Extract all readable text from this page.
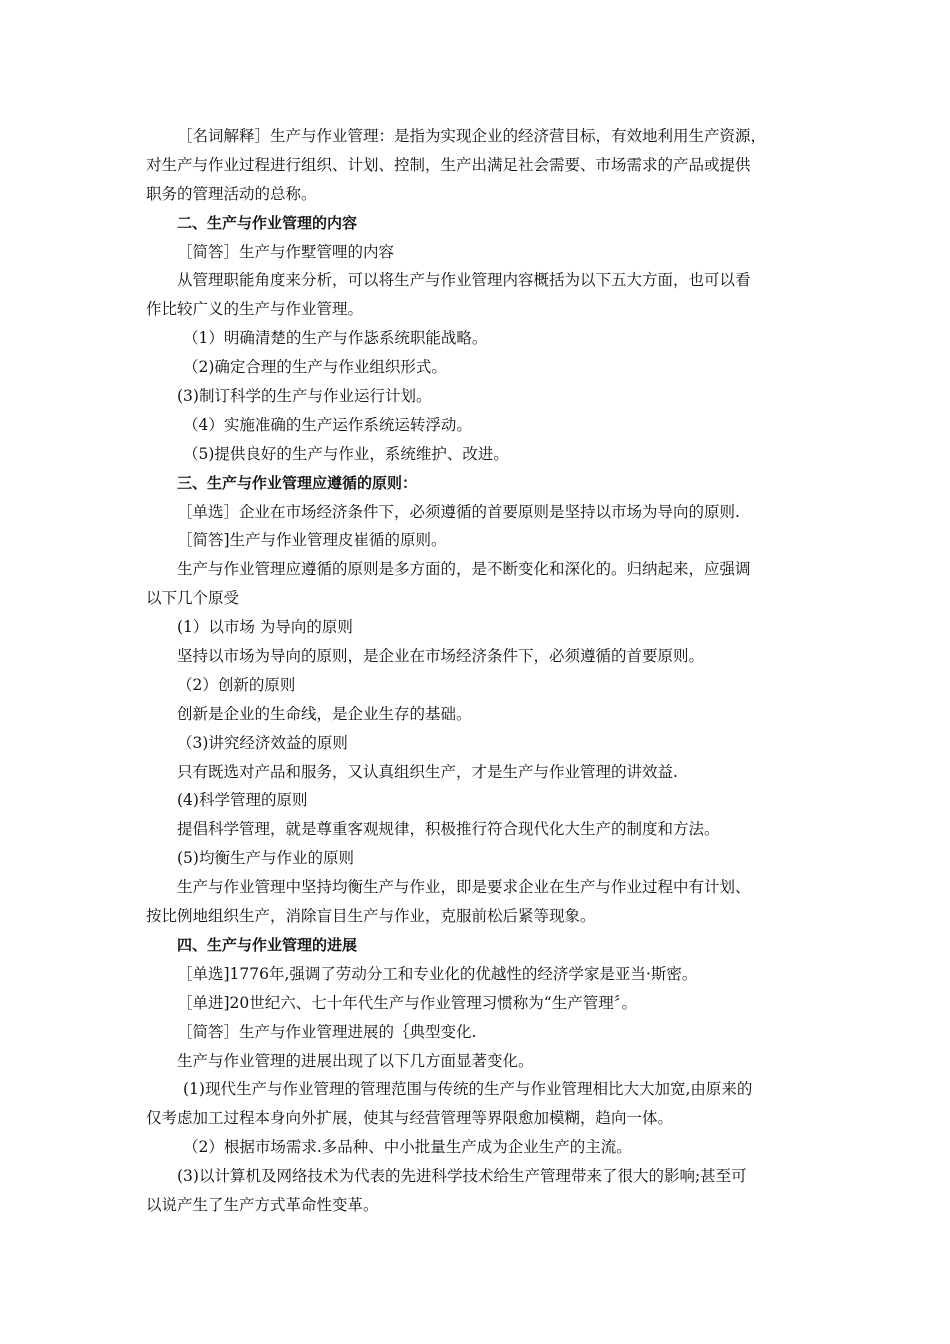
［名词解释］生产与作业管理：是指为实现企业的经济营目标，有效地利用生产资源，
对生产与作业过程进行组织、计划、控制，生产出满足社会需要、市场需求的产品或提供
职务的管理活动的总称。
二、生产与作业管理的内容
［简答］生产与作墅管哩的内容
从管理职能角度来分析，可以将生产与作业管理内容概括为以下五大方面，也可以看
作比较广义的生产与作业管理。
（1）明确清楚的生产与作毖系统职能战略。
（2)确定合理的生产与作业组织形式。
(3)制订科学的生产与作业运行计划。
（4）实施准确的生产运作系统运转浮动。
（5)提供良好的生产与作业，系统维护、改进。
三、生产与作业管理应遵循的原则：
［单选］企业在市场经济条件下，必须遵循的首要原则是坚持以市场为导向的原则.
［简答]生产与作业管理皮崔循的原则。
生产与作业管理应遵循的原则是多方面的，是不断变化和深化的。归纳起来，应强调
以下几个原受
(1）以市场 为导向的原则
坚持以市场为导向的原则，是企业在市场经济条件下，必须遵循的首要原则。
（2）创新的原则
创新是企业的生命线，是企业生存的基础。
（3)讲究经济效益的原则
只有既选对产品和服务，又认真组织生产，才是生产与作业管理的讲效益.
(4)科学管理的原则
提倡科学管理，就是尊重客观规律，积极推行符合现代化大生产的制度和方法。
(5)均衡生产与作业的原则
生产与作业管理中坚持均衡生产与作业，即是要求企业在生产与作业过程中有计划、
按比例地组织生产，消除盲目生产与作业，克服前松后紧等现象。
四、生产与作业管理的进展
［单选]1776年,强调了劳动分工和专业化的优越性的经济学家是亚当·斯密。
［单进]20世纪六、七十年代生产与作业管理习惯称为“生产管理〞。
［简答］生产与作业管理进展的｛典型变化.
生产与作业管理的进展出现了以下几方面显著变化。
(1)现代生产与作业管理的管理范围与传统的生产与作业管理相比大大加宽,由原来的
仅考虑加工过程本身向外扩展，使其与经营管理等界限愈加模糊，趋向一体。
（2）根据市场需求.多品种、中小批量生产成为企业生产的主流。
(3)以计算机及网络技术为代表的先进科学技术给生产管理带来了很大的影响;甚至可
以说产生了生产方式革命性变革。
